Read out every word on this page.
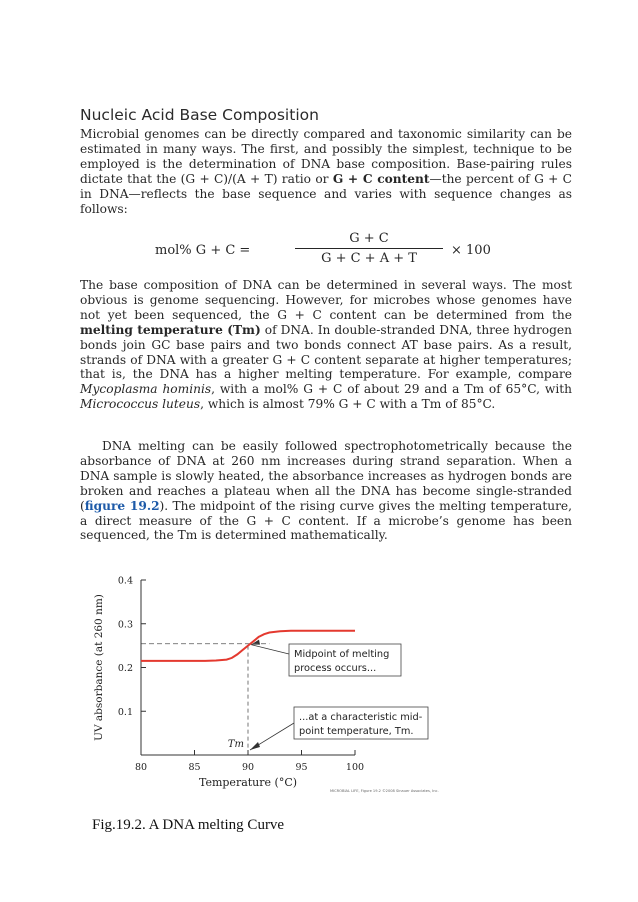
Nucleic Acid Base Composition

Microbial genomes can be directly compared and taxonomic similarity can be estimated in many ways. The first, and possibly the simplest, technique to be employed is the determination of DNA base composition. Base-pairing rules dictate that the (G + C)/(A + T) ratio or G + C content—the percent of G + C in DNA—reflects the base sequence and varies with sequence changes as follows:

mol% G + C =
G + C
G + C + A + T
× 100

The base composition of DNA can be determined in several ways. The most obvious is genome sequencing. However, for microbes whose genomes have not yet been sequenced, the G + C content can be determined from the melting temperature (Tm) of DNA. In double-stranded DNA, three hydrogen bonds join GC base pairs and two bonds connect AT base pairs. As a result, strands of DNA with a greater G + C content separate at higher temperatures; that is, the DNA has a higher melting temperature. For example, compare Mycoplasma hominis, with a mol% G + C of about 29 and a Tm of 65°C, with Micrococcus luteus, which is almost 79% G + C with a Tm of 85°C.

DNA melting can be easily followed spectrophotometrically because the absorbance of DNA at 260 nm increases during strand separation. When a DNA sample is slowly heated, the absorbance increases as hydrogen bonds are broken and reaches a plateau when all the DNA has become single-stranded (figure 19.2). The midpoint of the rising curve gives the melting temperature, a direct measure of the G + C content. If a microbe’s genome has been sequenced, the Tm is determined mathematically.

100
95
90
85
80
0.4
0.3
0.2
0.1
UV absorbance (at 260 nm)
Temperature (°C)
Midpoint of melting
process occurs...
...at a characteristic mid-
point temperature, Tm.
Tm
MICROBIAL LIFE, Figure 19.2 ©2008 Sinauer Associates, Inc.
Fig.19.2. A DNA melting Curve
